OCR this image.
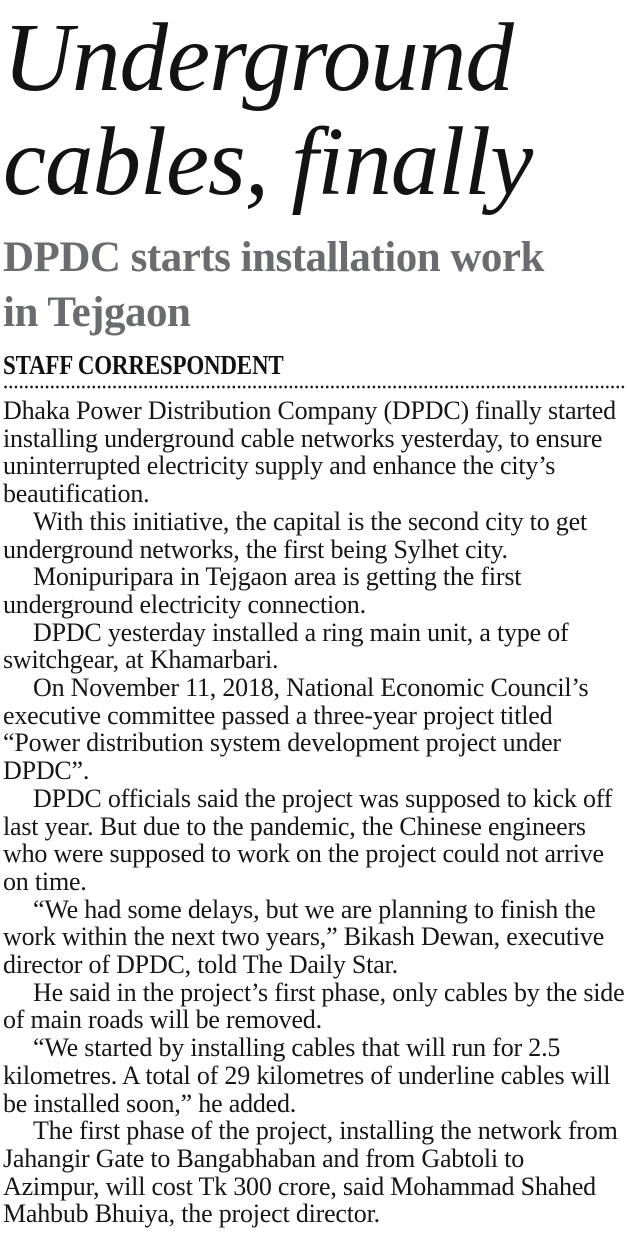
Underground
cables, finally
DPDC starts installation work
in Tejgaon
STAFF CORRESPONDENT

Dhaka Power Distribution Company (DPDC) finally started installing underground cable networks yesterday, to ensure uninterrupted electricity supply and enhance the city’s beautification.

With this initiative, the capital is the second city to get underground networks, the first being Sylhet city.

Monipuripara in Tejgaon area is getting the first underground electricity connection.

DPDC yesterday installed a ring main unit, a type of switchgear, at Khamarbari.

On November 11, 2018, National Economic Council’s executive committee passed a three-year project titled “Power distribution system development project under DPDC”.

DPDC officials said the project was supposed to kick off last year. But due to the pandemic, the Chinese engineers who were supposed to work on the project could not arrive on time.

“We had some delays, but we are planning to finish the work within the next two years,” Bikash Dewan, executive director of DPDC, told The Daily Star.

He said in the project’s first phase, only cables by the side of main roads will be removed.

“We started by installing cables that will run for 2.5 kilometres. A total of 29 kilometres of underline cables will be installed soon,” he added.

The first phase of the project, installing the network from Jahangir Gate to Bangabhaban and from Gabtoli to Azimpur, will cost Tk 300 crore, said Mohammad Shahed Mahbub Bhuiya, the project director.
